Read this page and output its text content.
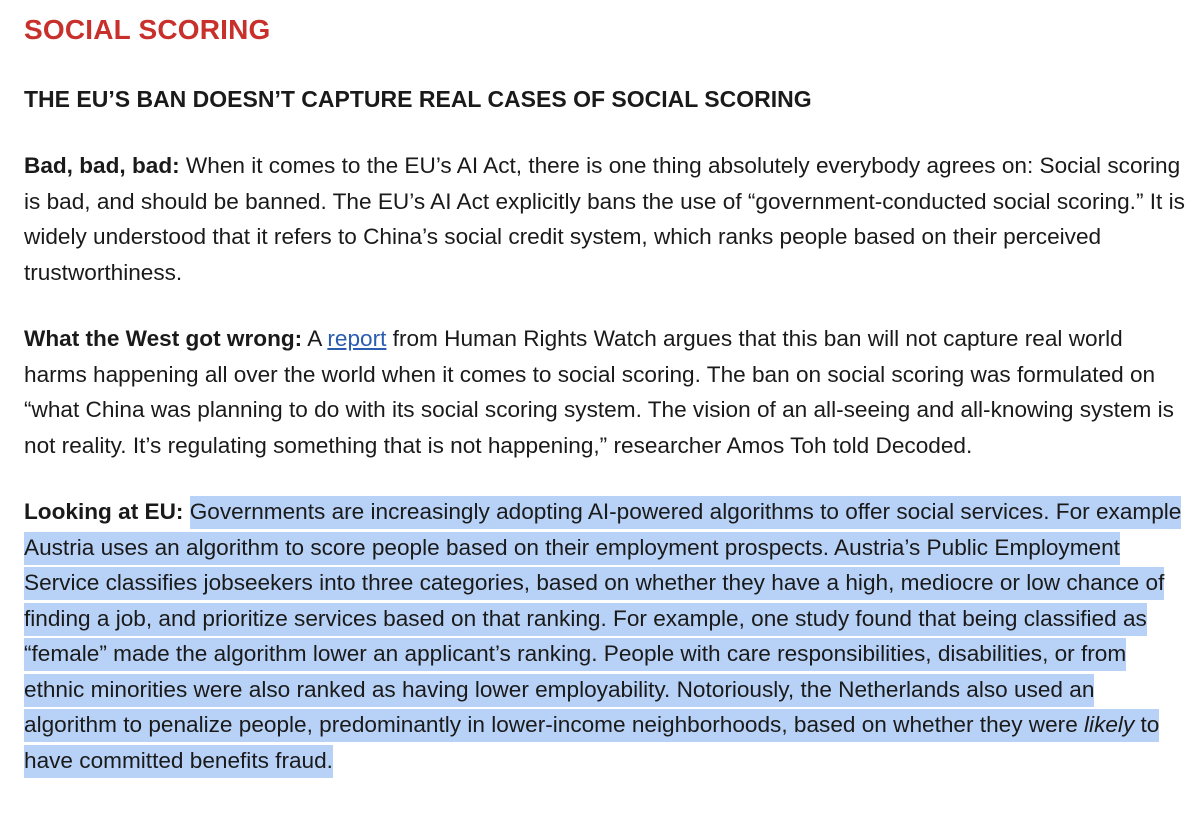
SOCIAL SCORING
THE EU’S BAN DOESN’T CAPTURE REAL CASES OF SOCIAL SCORING

Bad, bad, bad: When it comes to the EU’s AI Act, there is one thing absolutely everybody agrees on: Social scoring is bad, and should be banned. The EU’s AI Act explicitly bans the use of “government-conducted social scoring.” It is widely understood that it refers to China’s social credit system, which ranks people based on their perceived trustworthiness.

What the West got wrong: A report from Human Rights Watch argues that this ban will not capture real world harms happening all over the world when it comes to social scoring. The ban on social scoring was formulated on “what China was planning to do with its social scoring system. The vision of an all-seeing and all-knowing system is not reality. It’s regulating something that is not happening,” researcher Amos Toh told Decoded.

Looking at EU: Governments are increasingly adopting AI-powered algorithms to offer social services. For example Austria uses an algorithm to score people based on their employment prospects. Austria’s Public Employment Service classifies jobseekers into three categories, based on whether they have a high, mediocre or low chance of finding a job, and prioritize services based on that ranking. For example, one study found that being classified as “female” made the algorithm lower an applicant’s ranking. People with care responsibilities, disabilities, or from ethnic minorities were also ranked as having lower employability. Notoriously, the Netherlands also used an algorithm to penalize people, predominantly in lower-income neighborhoods, based on whether they were likely to have committed benefits fraud.
